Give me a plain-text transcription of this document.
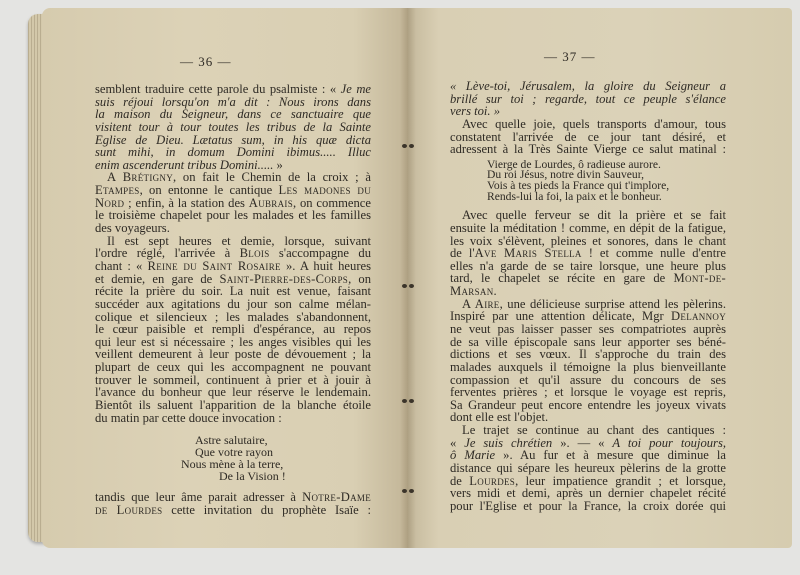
— 36 —
semblent traduire cette parole du psalmiste : « Je me
suis réjoui lorsqu'on m'a dit : Nous irons dans
la maison du Seigneur, dans ce sanctuaire que
visitent tour à tour toutes les tribus de la Sainte
Eglise de Dieu. Lætatus sum, in his quæ dicta
sunt mihi, in domum Domini ibimus..... Illuc
enim ascenderunt tribus Domini..... »
A Brétigny, on fait le Chemin de la croix ; à
Etampes, on entonne le cantique Les madones du
Nord ; enfin, à la station des Aubrais, on commence
le troisième chapelet pour les malades et les familles
des voyageurs.
Il est sept heures et demie, lorsque, suivant
l'ordre réglé, l'arrivée à Blois s'accompagne du
chant : « Reine du Saint Rosaire ». A huit heures
et demie, en gare de Saint-Pierre-des-Corps, on
récite la prière du soir. La nuit est venue, faisant
succéder aux agitations du jour son calme mélan-
colique et silencieux ; les malades s'abandonnent,
le cœur paisible et rempli d'espérance, au repos
qui leur est si nécessaire ; les anges visibles qui les
veillent demeurent à leur poste de dévouement ; la
plupart de ceux qui les accompagnent ne pouvant
trouver le sommeil, continuent à prier et à jouir à
l'avance du bonheur que leur réserve le lendemain.
Bientôt ils saluent l'apparition de la blanche étoile
du matin par cette douce invocation :
Astre salutaire,
Que votre rayon
Nous mène à la terre,
De la Vision !
tandis que leur âme parait adresser à Notre-Dame
de Lourdes cette invitation du prophète Isaïe :
— 37 —
« Lève-toi, Jérusalem, la gloire du Seigneur a
brillé sur toi ; regarde, tout ce peuple s'élance
vers toi. »
Avec quelle joie, quels transports d'amour, tous
constatent l'arrivée de ce jour tant désiré, et
adressent à la Très Sainte Vierge ce salut matinal :
Vierge de Lourdes, ô radieuse aurore.
Du roi Jésus, notre divin Sauveur,
Vois à tes pieds la France qui t'implore,
Rends-lui la foi, la paix et le bonheur.
Avec quelle ferveur se dit la prière et se fait
ensuite la méditation ! comme, en dépit de la fatigue,
les voix s'élèvent, pleines et sonores, dans le chant
de l'Ave Maris Stella ! et comme nulle d'entre
elles n'a garde de se taire lorsque, une heure plus
tard, le chapelet se récite en gare de Mont-de-
Marsan.
A Aire, une délicieuse surprise attend les pèlerins.
Inspiré par une attention délicate, Mgr Delannoy
ne veut pas laisser passer ses compatriotes auprès
de sa ville épiscopale sans leur apporter ses béné-
dictions et ses vœux. Il s'approche du train des
malades auxquels il témoigne la plus bienveillante
compassion et qu'il assure du concours de ses
ferventes prières ; et lorsque le voyage est repris,
Sa Grandeur peut encore entendre les joyeux vivats
dont elle est l'objet.
Le trajet se continue au chant des cantiques :
« Je suis chrétien ». — « A toi pour toujours,
ô Marie ». Au fur et à mesure que diminue la
distance qui sépare les heureux pèlerins de la grotte
de Lourdes, leur impatience grandit ; et lorsque,
vers midi et demi, après un dernier chapelet récité
pour l'Eglise et pour la France, la croix dorée qui
